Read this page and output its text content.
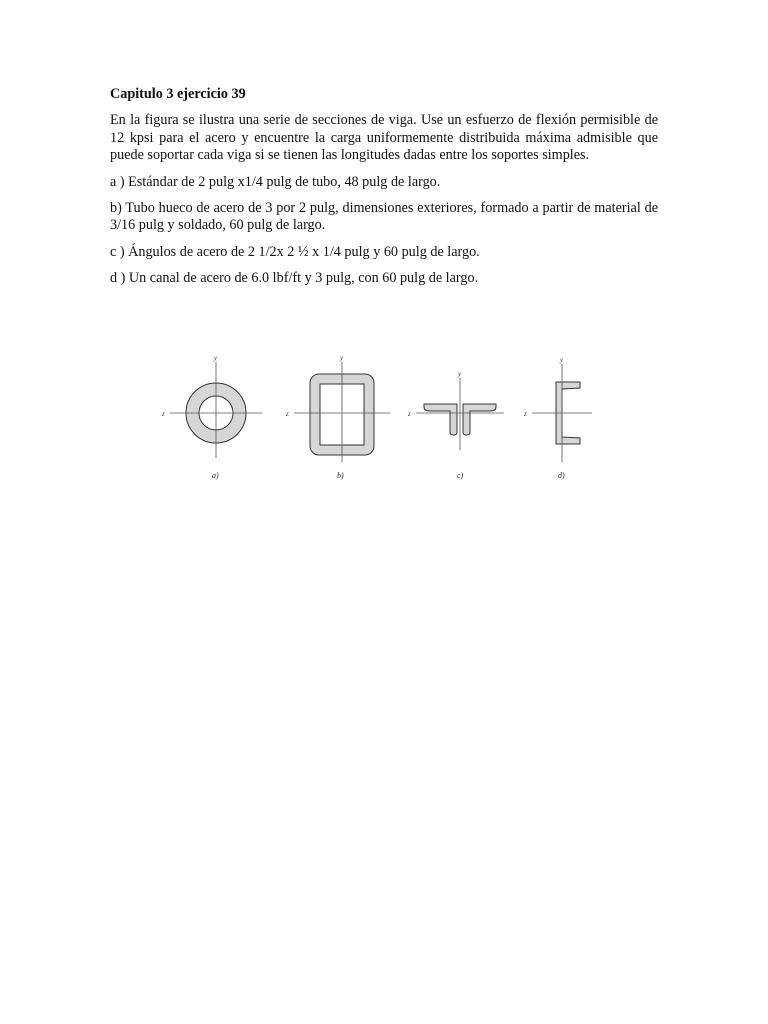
Capitulo 3 ejercicio 39

En la figura se ilustra una serie de secciones de viga. Use un esfuerzo de flexión permisible de 12 kpsi para el acero y encuentre la carga uniformemente distribuida máxima admisible que puede soportar cada viga si se tienen las longitudes dadas entre los soportes simples.

a ) Estándar de 2 pulg x1/4 pulg de tubo, 48 pulg de largo.

b) Tubo hueco de acero de 3 por 2 pulg, dimensiones exteriores, formado a partir de material de 3/16 pulg y soldado, 60 pulg de largo.

c ) Ángulos de acero de 2 1/2x 2 ½ x 1/4 pulg y 60 pulg de largo.

d ) Un canal de acero de 6.0 lbf/ft y 3 pulg, con 60 pulg de largo.

y
z
a)
y
z
b)
y
z
c)
y
z
d)
